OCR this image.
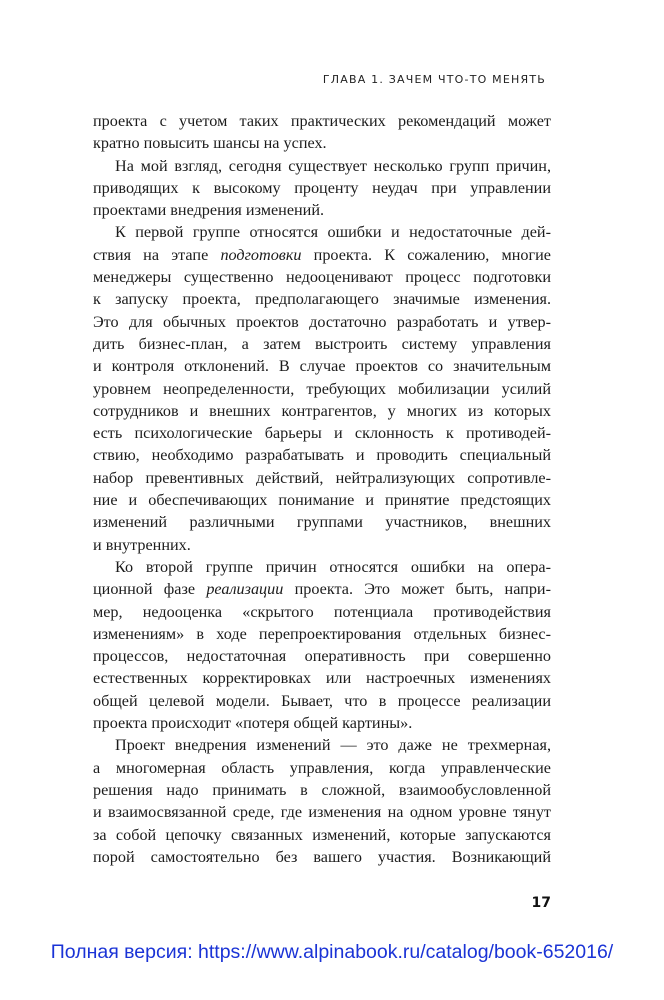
ГЛАВА 1. ЗАЧЕМ ЧТО-ТО МЕНЯТЬ
проекта с учетом таких практических рекомендаций может
кратно повысить шансы на успех.
На мой взгляд, сегодня существует несколько групп причин,
приводящих к высокому проценту неудач при управлении
проектами внедрения изменений.
К первой группе относятся ошибки и недостаточные дей-
ствия на этапе подготовки проекта. К сожалению, многие
менеджеры существенно недооценивают процесс подготовки
к запуску проекта, предполагающего значимые изменения.
Это для обычных проектов достаточно разработать и утвер-
дить бизнес-план, а затем выстроить систему управления
и контроля отклонений. В случае проектов со значительным
уровнем неопределенности, требующих мобилизации усилий
сотрудников и внешних контрагентов, у многих из которых
есть психологические барьеры и склонность к противодей-
ствию, необходимо разрабатывать и проводить специальный
набор превентивных действий, нейтрализующих сопротивле-
ние и обеспечивающих понимание и принятие предстоящих
изменений различными группами участников, внешних
и внутренних.
Ко второй группе причин относятся ошибки на опера-
ционной фазе реализации проекта. Это может быть, напри-
мер, недооценка «скрытого потенциала противодействия
изменениям» в ходе перепроектирования отдельных бизнес-
процессов, недостаточная оперативность при совершенно
естественных корректировках или настроечных изменениях
общей целевой модели. Бывает, что в процессе реализации
проекта происходит «потеря общей картины».
Проект внедрения изменений — это даже не трехмерная,
а многомерная область управления, когда управленческие
решения надо принимать в сложной, взаимообусловленной
и взаимосвязанной среде, где изменения на одном уровне тянут
за собой цепочку связанных изменений, которые запускаются
порой самостоятельно без вашего участия. Возникающий
17
Полная версия: https://www.alpinabook.ru/catalog/book-652016/
